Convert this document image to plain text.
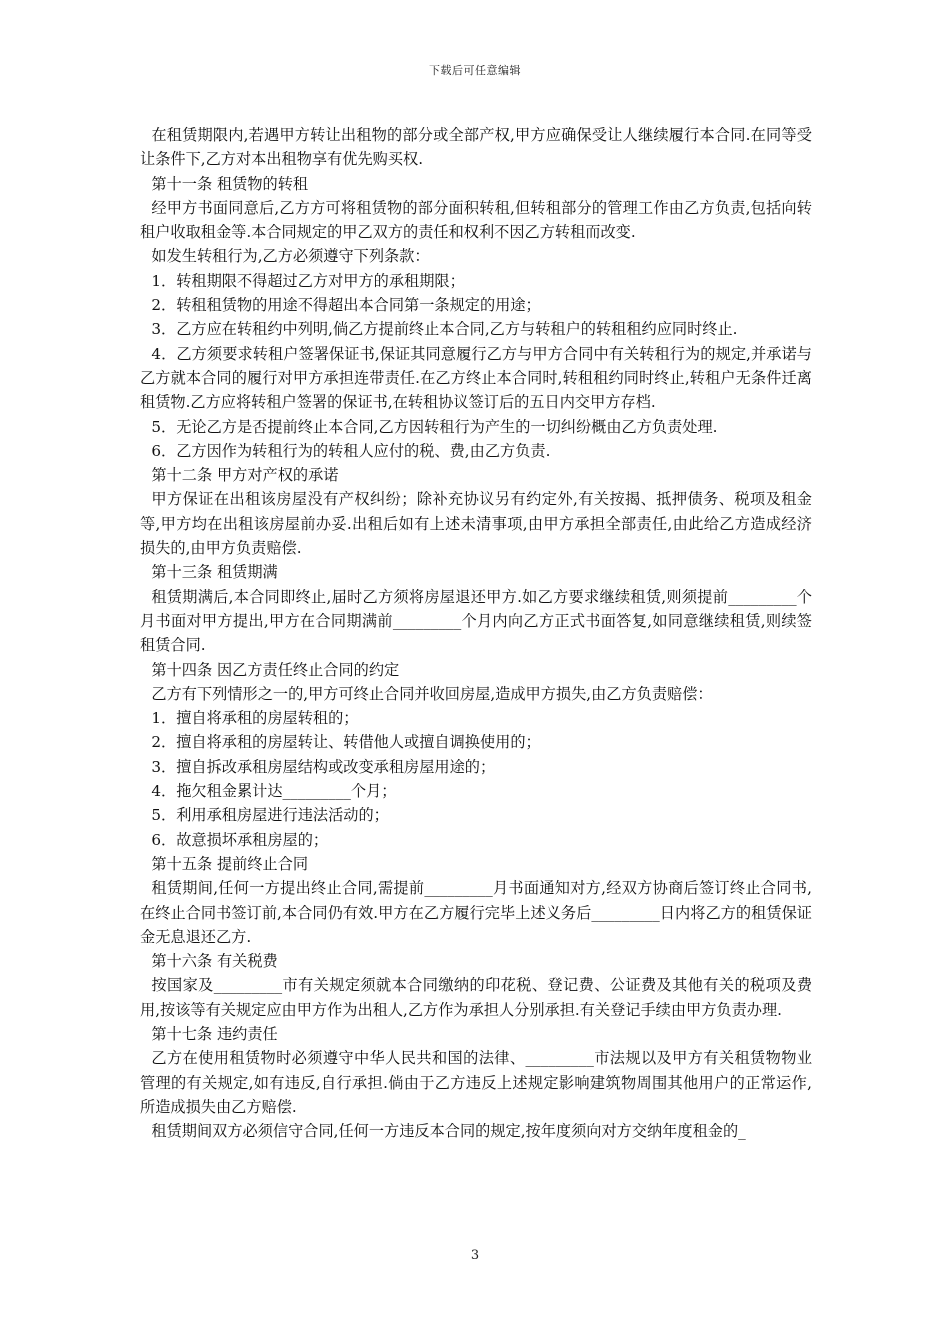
下载后可任意编辑

在租赁期限内,若遇甲方转让出租物的部分或全部产权,甲方应确保受让人继续履行本合同.在同等受让条件下,乙方对本出租物享有优先购买权.

第十一条 租赁物的转租

经甲方书面同意后,乙方方可将租赁物的部分面积转租,但转租部分的管理工作由乙方负责,包括向转租户收取租金等.本合同规定的甲乙双方的责任和权利不因乙方转租而改变.

如发生转租行为,乙方必须遵守下列条款：

1．转租期限不得超过乙方对甲方的承租期限；

2．转租租赁物的用途不得超出本合同第一条规定的用途；

3．乙方应在转租约中列明,倘乙方提前终止本合同,乙方与转租户的转租租约应同时终止.

4．乙方须要求转租户签署保证书,保证其同意履行乙方与甲方合同中有关转租行为的规定,并承诺与乙方就本合同的履行对甲方承担连带责任.在乙方终止本合同时,转租租约同时终止,转租户无条件迁离租赁物.乙方应将转租户签署的保证书,在转租协议签订后的五日内交甲方存档.

5．无论乙方是否提前终止本合同,乙方因转租行为产生的一切纠纷概由乙方负责处理.

6．乙方因作为转租行为的转租人应付的税、费,由乙方负责.

第十二条 甲方对产权的承诺

甲方保证在出租该房屋没有产权纠纷；除补充协议另有约定外,有关按揭、抵押债务、税项及租金等,甲方均在出租该房屋前办妥.出租后如有上述未清事项,由甲方承担全部责任,由此给乙方造成经济损失的,由甲方负责赔偿.

第十三条 租赁期满

租赁期满后,本合同即终止,届时乙方须将房屋退还甲方.如乙方要求继续租赁,则须提前_________个月书面对甲方提出,甲方在合同期满前_________个月内向乙方正式书面答复,如同意继续租赁,则续签租赁合同.

第十四条 因乙方责任终止合同的约定

乙方有下列情形之一的,甲方可终止合同并收回房屋,造成甲方损失,由乙方负责赔偿：

1．擅自将承租的房屋转租的；

2．擅自将承租的房屋转让、转借他人或擅自调换使用的；

3．擅自拆改承租房屋结构或改变承租房屋用途的；

4．拖欠租金累计达_________个月；

5．利用承租房屋进行违法活动的；

6．故意损坏承租房屋的；

第十五条 提前终止合同

租赁期间,任何一方提出终止合同,需提前_________月书面通知对方,经双方协商后签订终止合同书,在终止合同书签订前,本合同仍有效.甲方在乙方履行完毕上述义务后_________日内将乙方的租赁保证金无息退还乙方.

第十六条 有关税费

按国家及_________市有关规定须就本合同缴纳的印花税、登记费、公证费及其他有关的税项及费用,按该等有关规定应由甲方作为出租人,乙方作为承担人分别承担.有关登记手续由甲方负责办理.

第十七条 违约责任

乙方在使用租赁物时必须遵守中华人民共和国的法律、_________市法规以及甲方有关租赁物物业管理的有关规定,如有违反,自行承担.倘由于乙方违反上述规定影响建筑物周围其他用户的正常运作,所造成损失由乙方赔偿.

租赁期间双方必须信守合同,任何一方违反本合同的规定,按年度须向对方交纳年度租金的_

3
